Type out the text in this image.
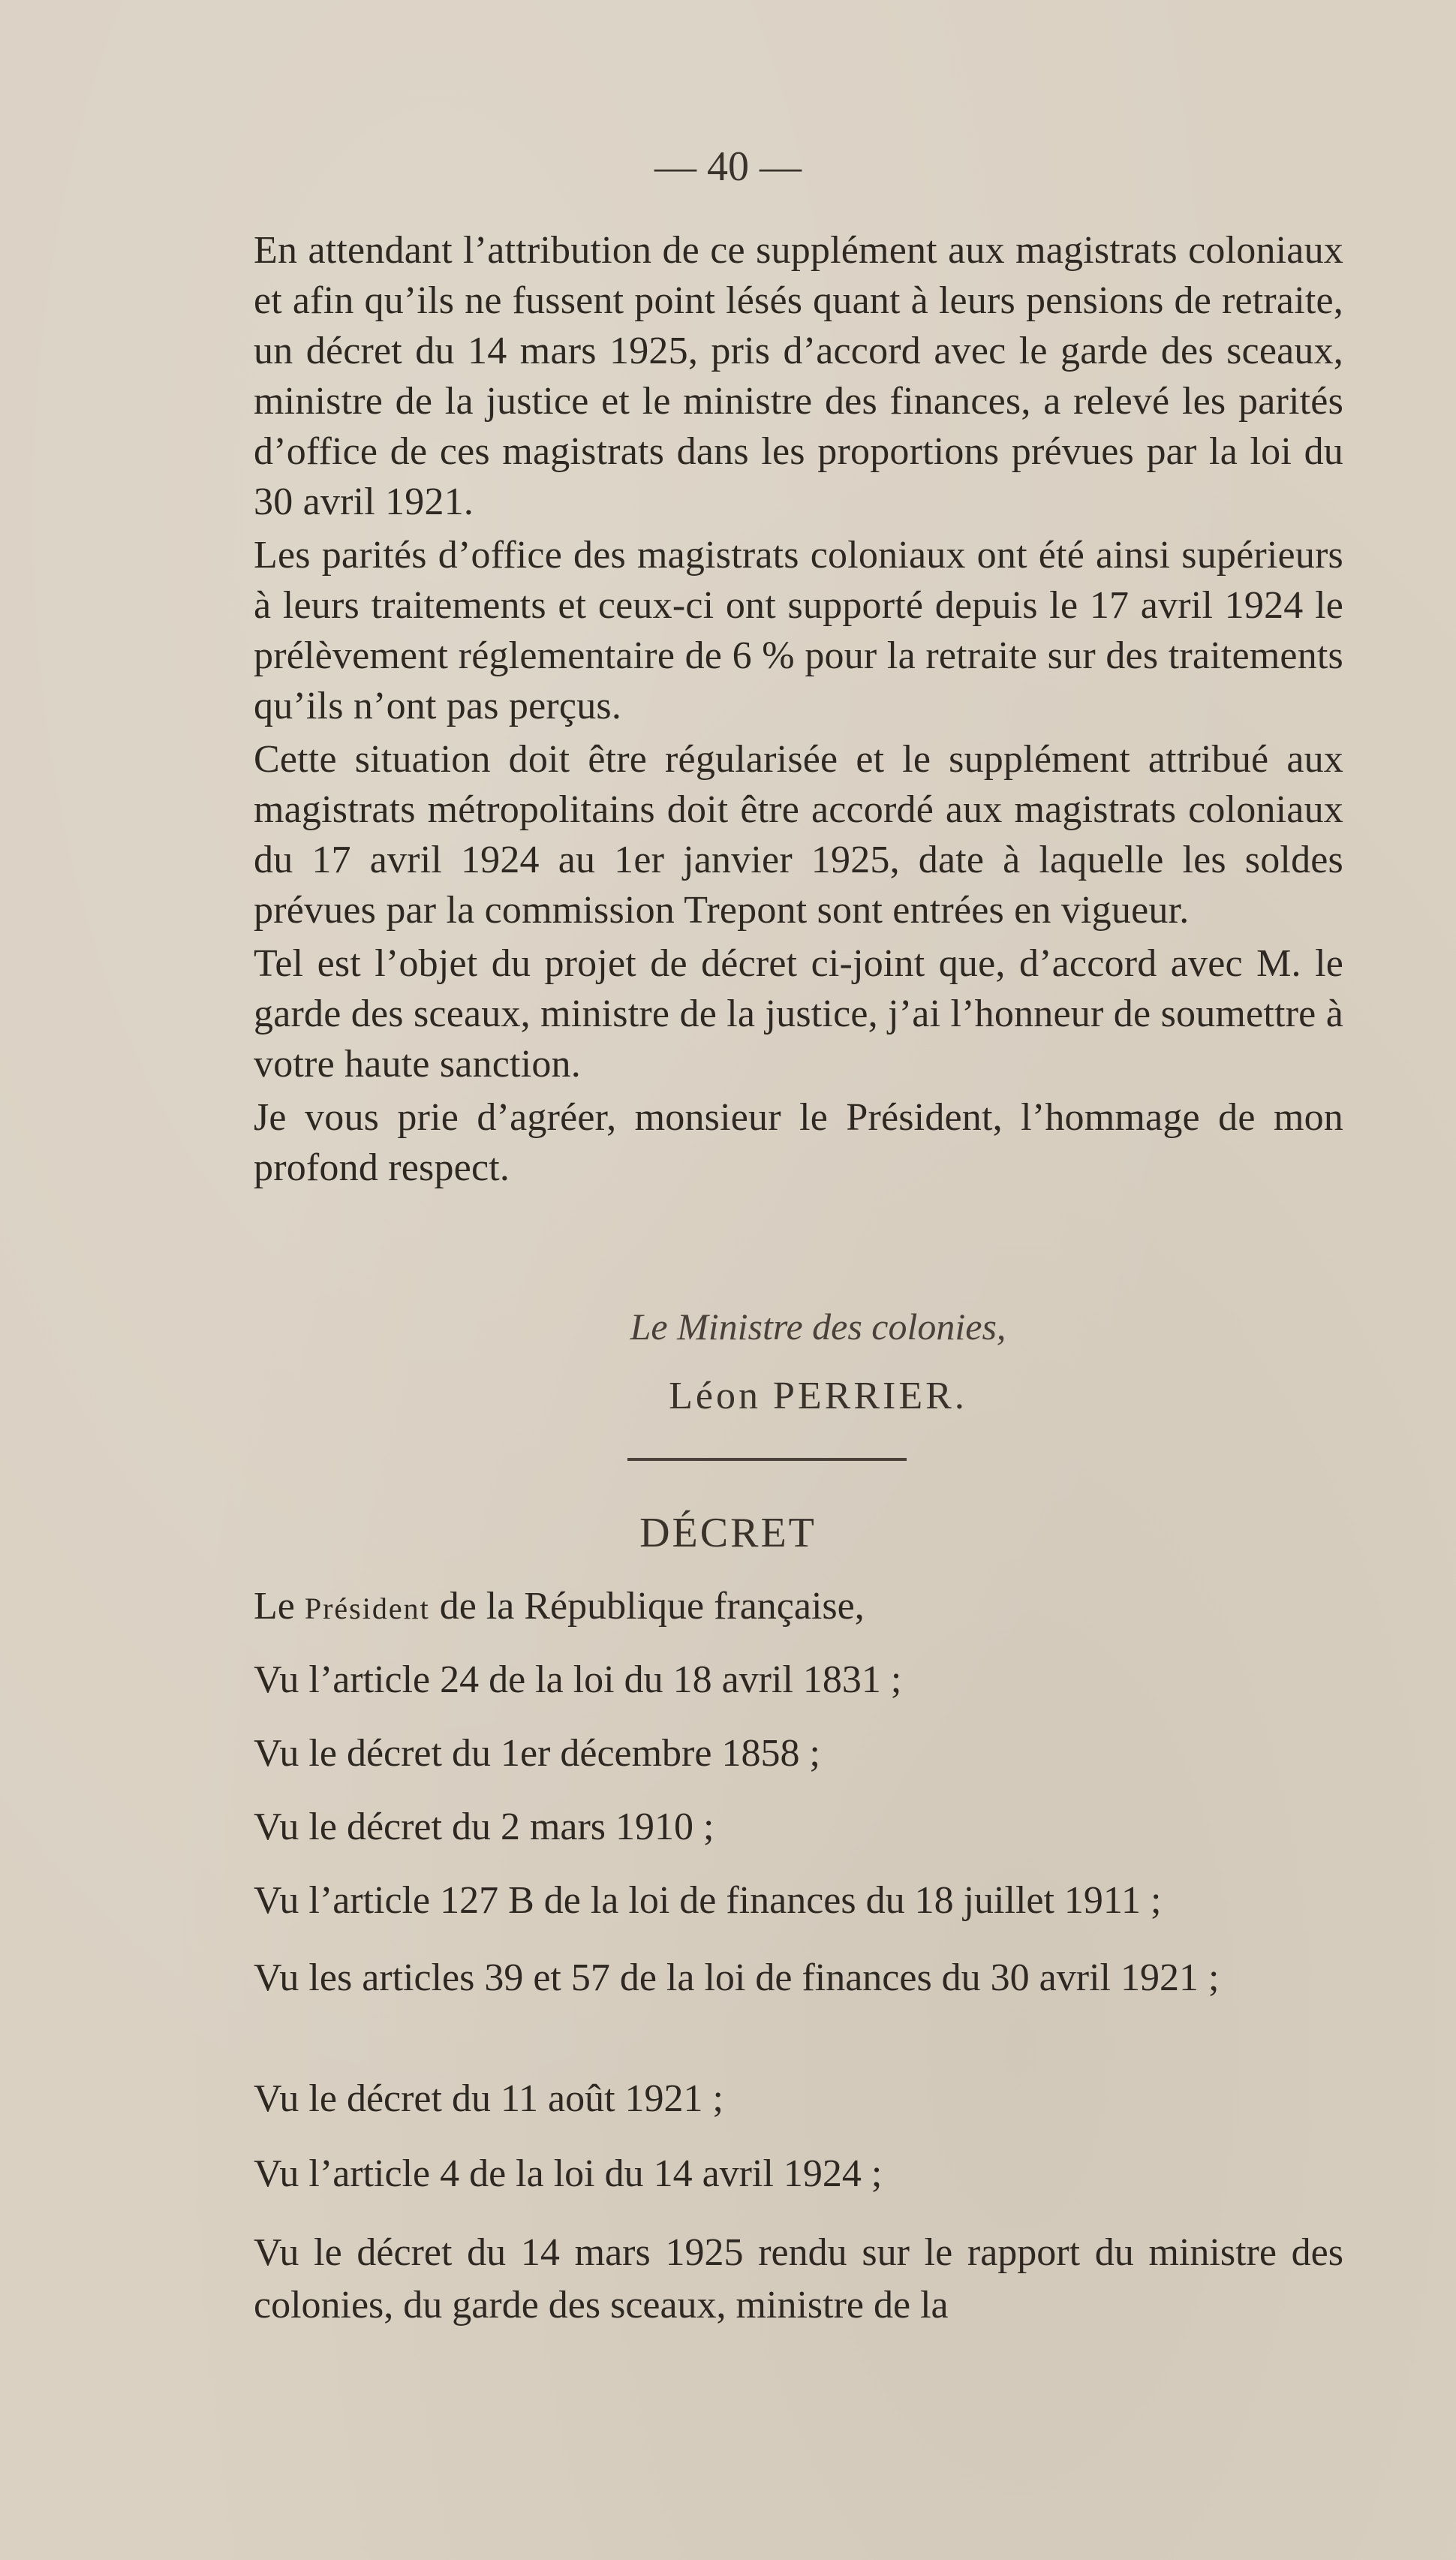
— 40 —

En attendant l’attribution de ce supplément aux magistrats coloniaux et afin qu’ils ne fussent point lésés quant à leurs pensions de retraite, un décret du 14 mars 1925, pris d’accord avec le garde des sceaux, ministre de la justice et le ministre des finances, a relevé les parités d’office de ces magistrats dans les proportions prévues par la loi du 30 avril 1921.

Les parités d’office des magistrats coloniaux ont été ainsi supérieurs à leurs traitements et ceux-ci ont supporté depuis le 17 avril 1924 le prélèvement réglementaire de 6 % pour la retraite sur des traitements qu’ils n’ont pas perçus.

Cette situation doit être régularisée et le supplément attribué aux magistrats métropolitains doit être accordé aux magistrats coloniaux du 17 avril 1924 au 1er janvier 1925, date à laquelle les soldes prévues par la commission Trepont sont entrées en vigueur.

Tel est l’objet du projet de décret ci-joint que, d’accord avec M. le garde des sceaux, ministre de la justice, j’ai l’honneur de soumettre à votre haute sanction.

Je vous prie d’agréer, monsieur le Président, l’hommage de mon profond respect.

Le Ministre des colonies,
Léon PERRIER.
DÉCRET

Le Président de la République française,

Vu l’article 24 de la loi du 18 avril 1831 ;

Vu le décret du 1er décembre 1858 ;

Vu le décret du 2 mars 1910 ;

Vu l’article 127 B de la loi de finances du 18 juillet 1911 ;

Vu les articles 39 et 57 de la loi de finances du 30 avril 1921 ;

Vu le décret du 11 août 1921 ;

Vu l’article 4 de la loi du 14 avril 1924 ;

Vu le décret du 14 mars 1925 rendu sur le rapport du ministre des colonies, du garde des sceaux, ministre de la
